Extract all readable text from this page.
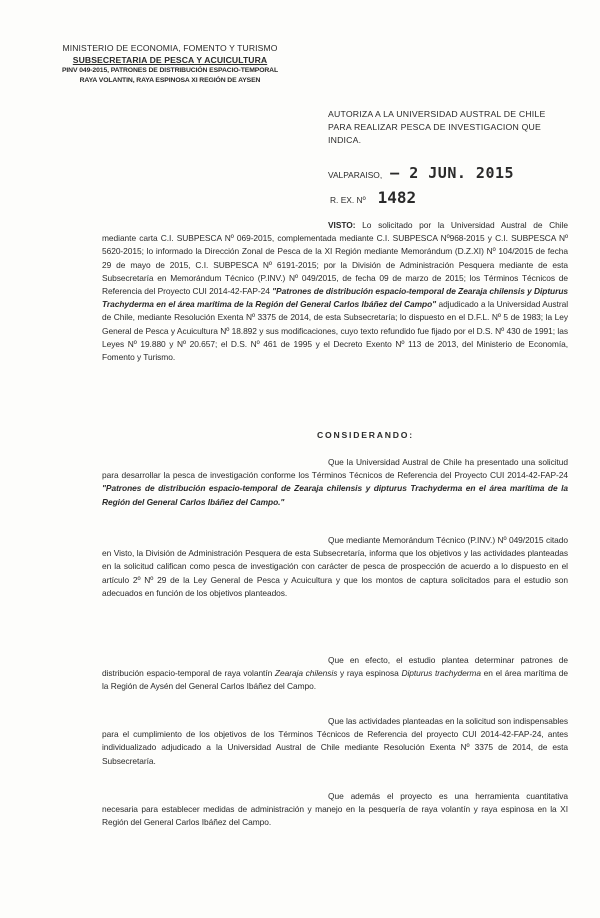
MINISTERIO DE ECONOMIA, FOMENTO Y TURISMO
SUBSECRETARIA DE PESCA Y ACUICULTURA
PINV 049-2015, PATRONES DE DISTRIBUCIÓN ESPACIO-TEMPORAL
RAYA VOLANTIN, RAYA ESPINOSA XI REGIÓN DE AYSEN
AUTORIZA A LA UNIVERSIDAD AUSTRAL DE CHILE PARA REALIZAR PESCA DE INVESTIGACION QUE INDICA.
VALPARAISO, – 2 JUN. 2015
R. EX. Nº 1482
VISTO: Lo solicitado por la Universidad Austral de Chile mediante carta C.I. SUBPESCA Nº 069-2015, complementada mediante C.I. SUBPESCA Nº968-2015 y C.I. SUBPESCA Nº 5620-2015; lo informado la Dirección Zonal de Pesca de la XI Región mediante Memorándum (D.Z.XI) Nº 104/2015 de fecha 29 de mayo de 2015, C.I. SUBPESCA Nº 6191-2015; por la División de Administración Pesquera mediante de esta Subsecretaría en Memorándum Técnico (P.INV.) Nº 049/2015, de fecha 09 de marzo de 2015; los Términos Técnicos de Referencia del Proyecto CUI 2014-42-FAP-24 "Patrones de distribución espacio-temporal de Zearaja chilensis y Dipturus Trachyderma en el área marítima de la Región del General Carlos Ibáñez del Campo" adjudicado a la Universidad Austral de Chile, mediante Resolución Exenta Nº 3375 de 2014, de esta Subsecretaría; lo dispuesto en el D.F.L. Nº 5 de 1983; la Ley General de Pesca y Acuicultura Nº 18.892 y sus modificaciones, cuyo texto refundido fue fijado por el D.S. Nº 430 de 1991; las Leyes Nº 19.880 y Nº 20.657; el D.S. Nº 461 de 1995 y el Decreto Exento Nº 113 de 2013, del Ministerio de Economía, Fomento y Turismo.
CONSIDERANDO:
Que la Universidad Austral de Chile ha presentado una solicitud para desarrollar la pesca de investigación conforme los Términos Técnicos de Referencia del Proyecto CUI 2014-42-FAP-24 "Patrones de distribución espacio-temporal de Zearaja chilensis y dipturus Trachyderma en el área marítima de la Región del General Carlos Ibáñez del Campo."
Que mediante Memorándum Técnico (P.INV.) Nº 049/2015 citado en Visto, la División de Administración Pesquera de esta Subsecretaría, informa que los objetivos y las actividades planteadas en la solicitud califican como pesca de investigación con carácter de pesca de prospección de acuerdo a lo dispuesto en el artículo 2º Nº 29 de la Ley General de Pesca y Acuicultura y que los montos de captura solicitados para el estudio son adecuados en función de los objetivos planteados.
Que en efecto, el estudio plantea determinar patrones de distribución espacio-temporal de raya volantín Zearaja chilensis y raya espinosa Dipturus trachyderma en el área marítima de la Región de Aysén del General Carlos Ibáñez del Campo.
Que las actividades planteadas en la solicitud son indispensables para el cumplimiento de los objetivos de los Términos Técnicos de Referencia del proyecto CUI 2014-42-FAP-24, antes individualizado adjudicado a la Universidad Austral de Chile mediante Resolución Exenta Nº 3375 de 2014, de esta Subsecretaría.
Que además el proyecto es una herramienta cuantitativa necesaria para establecer medidas de administración y manejo en la pesquería de raya volantín y raya espinosa en la XI Región del General Carlos Ibáñez del Campo.
